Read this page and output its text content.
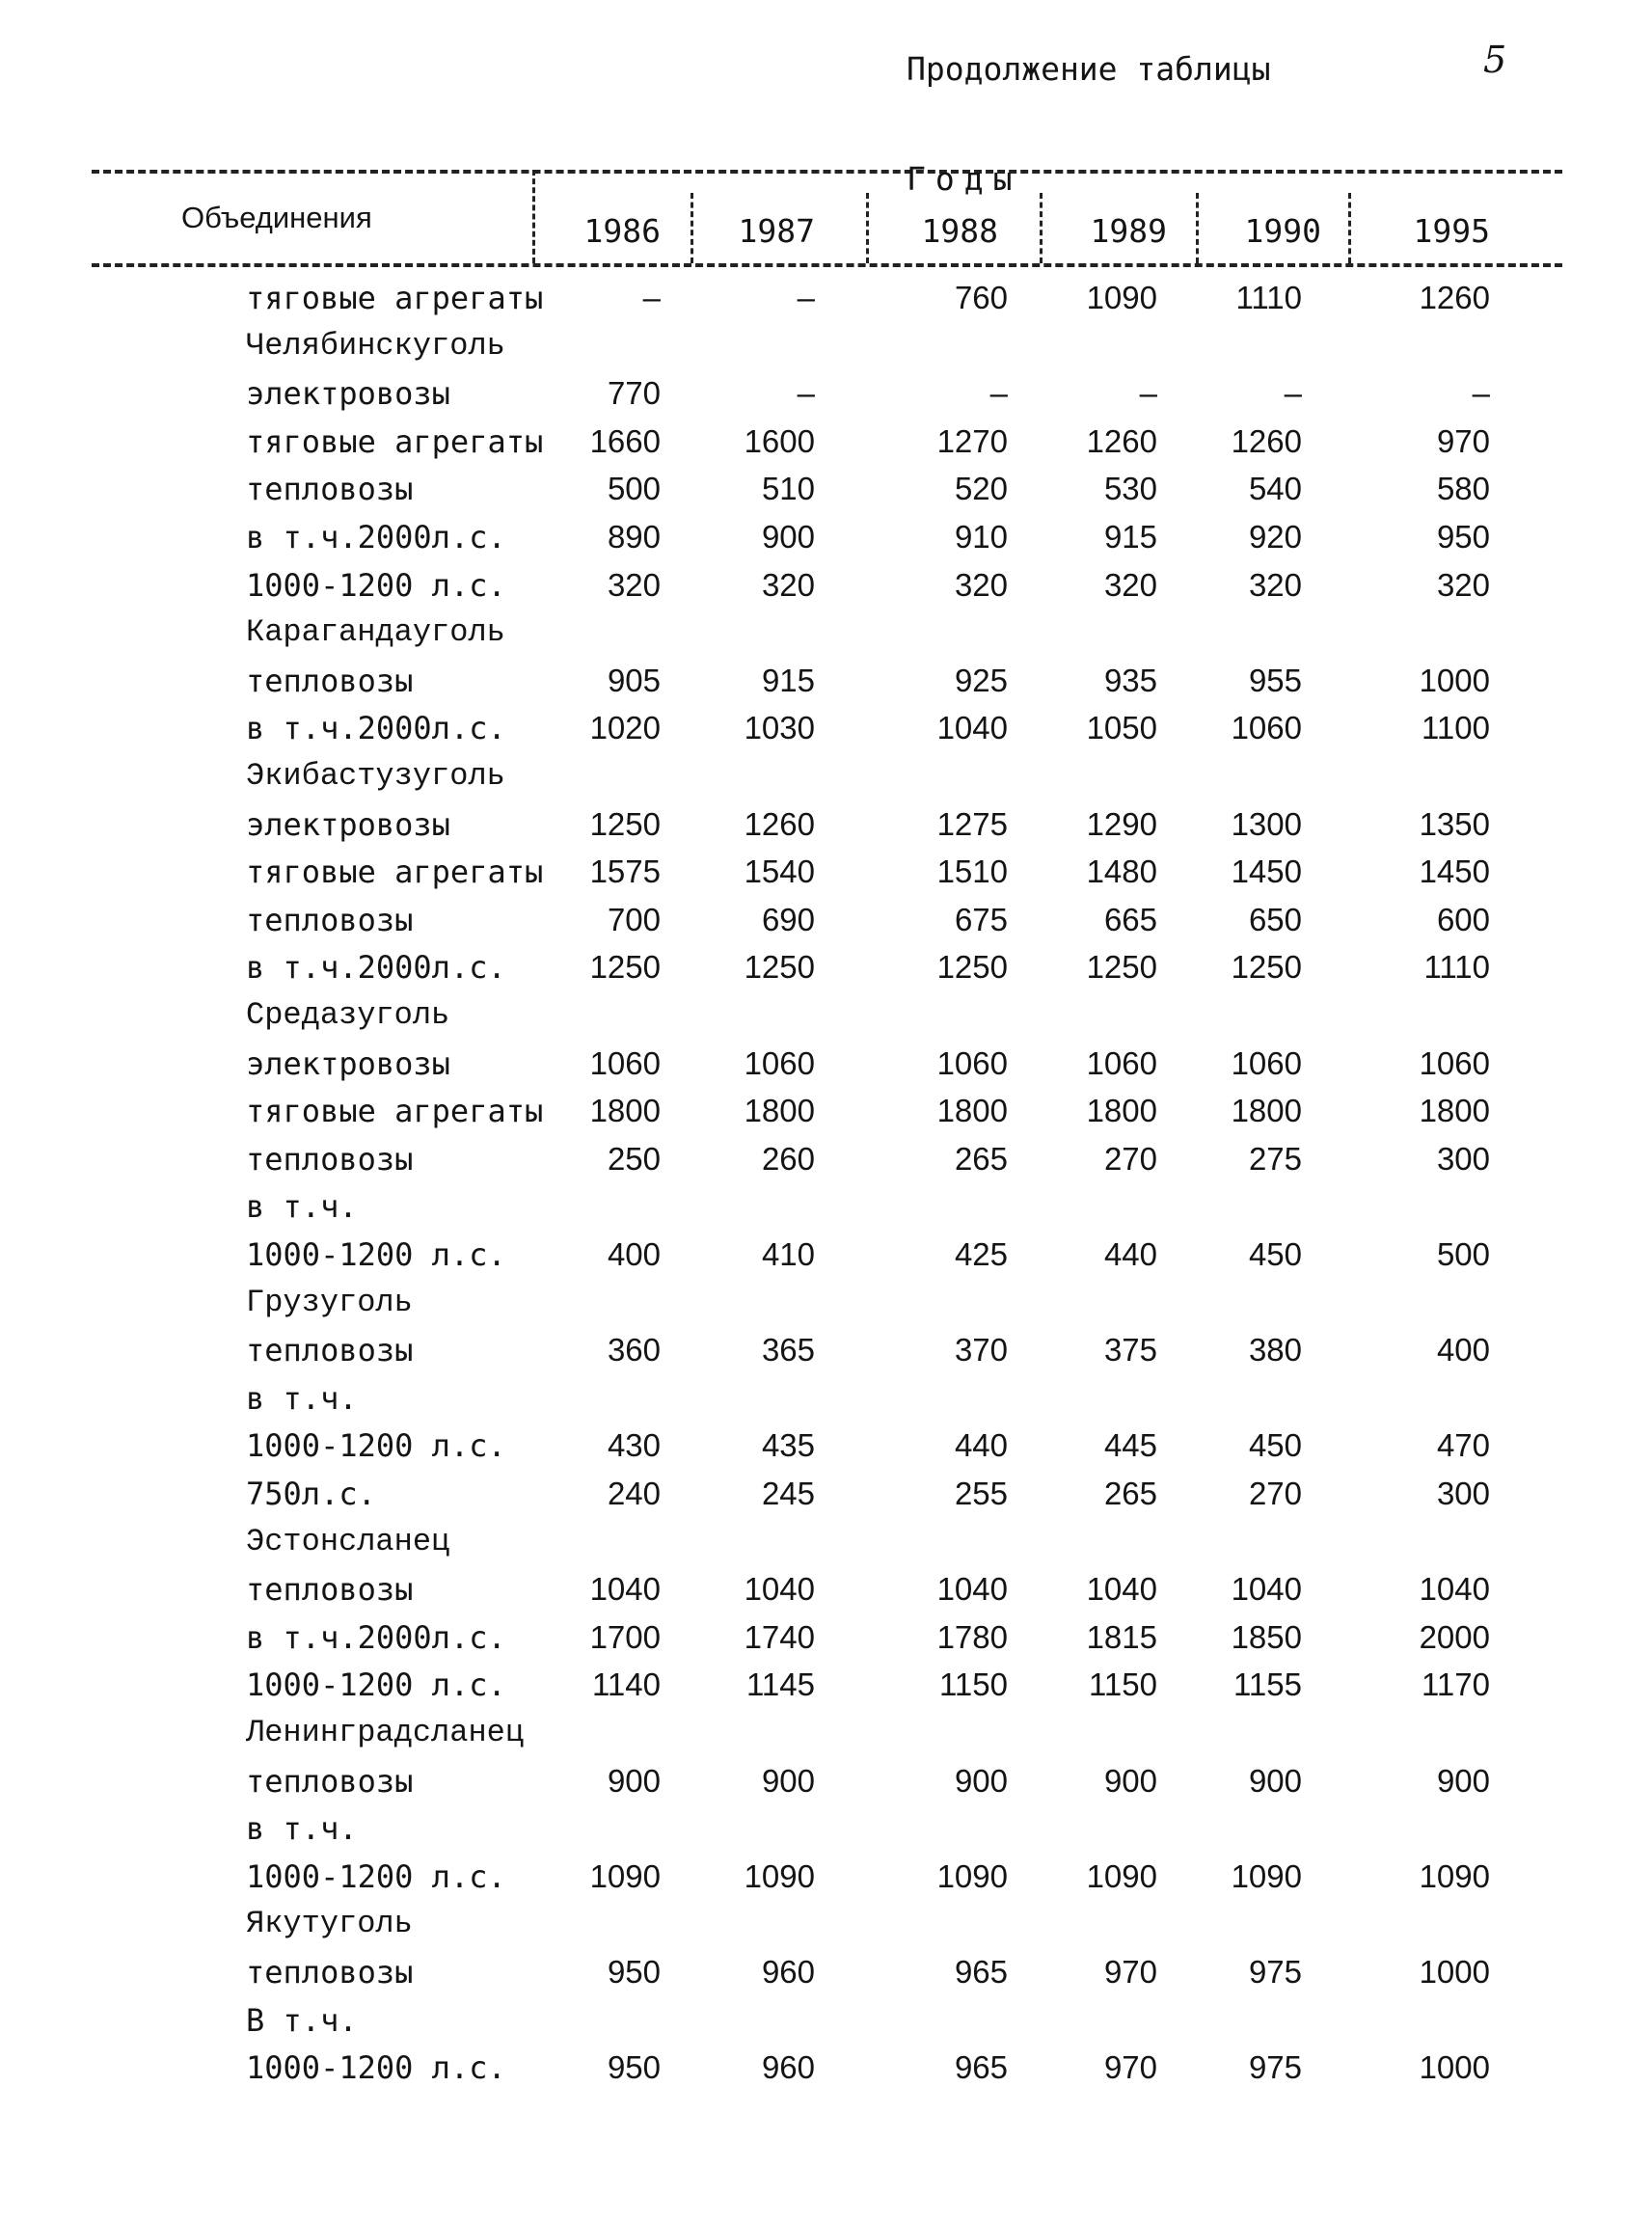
Продолжение таблицы	5
Объединения
Годы
1986	1987	1988	1989	1990	1995
тяговые агрегаты	–	–	760	1090	1110	1260
Челябинскуголь
электровозы	770	–	–	–	–	–
тяговые агрегаты	1660	1600	1270	1260	1260	970
тепловозы	500	510	520	530	540	580
в т.ч.2000л.с.	890	900	910	915	920	950
1000-1200 л.с.	320	320	320	320	320	320
Карагандауголь
тепловозы	905	915	925	935	955	1000
в т.ч.2000л.с.	1020	1030	1040	1050	1060	1100
Экибастузуголь
электровозы	1250	1260	1275	1290	1300	1350
тяговые агрегаты	1575	1540	1510	1480	1450	1450
тепловозы	700	690	675	665	650	600
в т.ч.2000л.с.	1250	1250	1250	1250	1250	1110
Средазуголь
электровозы	1060	1060	1060	1060	1060	1060
тяговые агрегаты	1800	1800	1800	1800	1800	1800
тепловозы	250	260	265	270	275	300
в т.ч.
1000-1200 л.с.	400	410	425	440	450	500
Грузуголь
тепловозы	360	365	370	375	380	400
в т.ч.
1000-1200 л.с.	430	435	440	445	450	470
750л.с.	240	245	255	265	270	300
Эстонсланец
тепловозы	1040	1040	1040	1040	1040	1040
в т.ч.2000л.с.	1700	1740	1780	1815	1850	2000
1000-1200 л.с.	1140	1145	1150	1150	1155	1170
Ленинградсланец
тепловозы	900	900	900	900	900	900
в т.ч.
1000-1200 л.с.	1090	1090	1090	1090	1090	1090
Якутуголь
тепловозы	950	960	965	970	975	1000
В т.ч.
1000-1200 л.с.	950	960	965	970	975	1000
